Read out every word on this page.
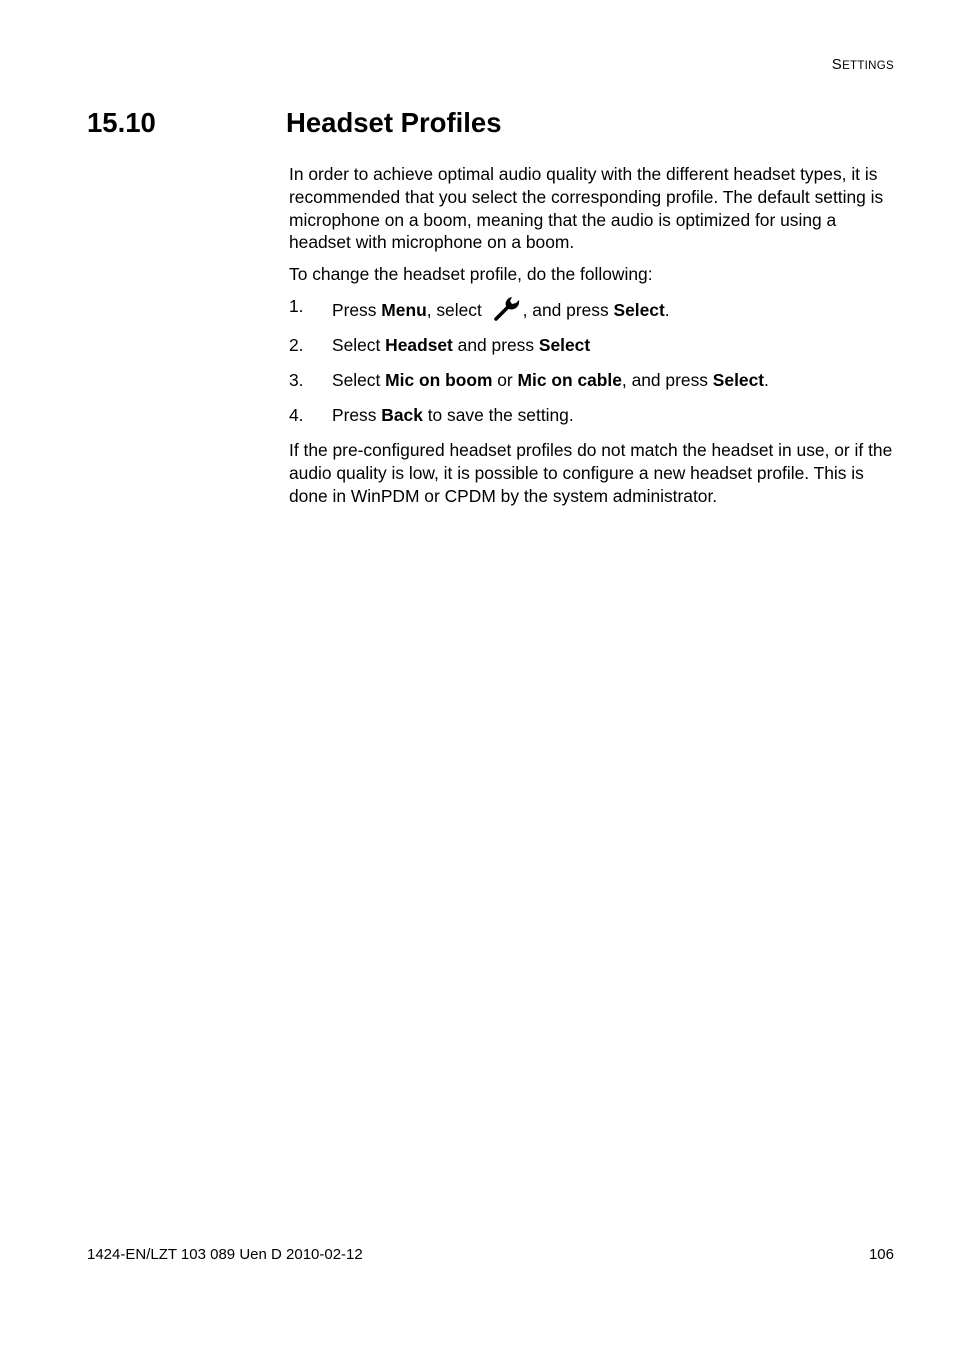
SETTINGS
15.10	Headset Profiles

In order to achieve optimal audio quality with the different headset types, it is recommended that you select the corresponding profile. The default setting is microphone on a boom, meaning that the audio is optimized for using a headset with microphone on a boom.

To change the headset profile, do the following:

1.	Press Menu, select , and press Select.
2.	Select Headset and press Select
3.	Select Mic on boom or Mic on cable, and press Select.
4.	Press Back to save the setting.

If the pre-configured headset profiles do not match the headset in use, or if the audio quality is low, it is possible to configure a new headset profile. This is done in WinPDM or CPDM by the system administrator.

1424-EN/LZT 103 089 Uen D 2010-02-12	106
